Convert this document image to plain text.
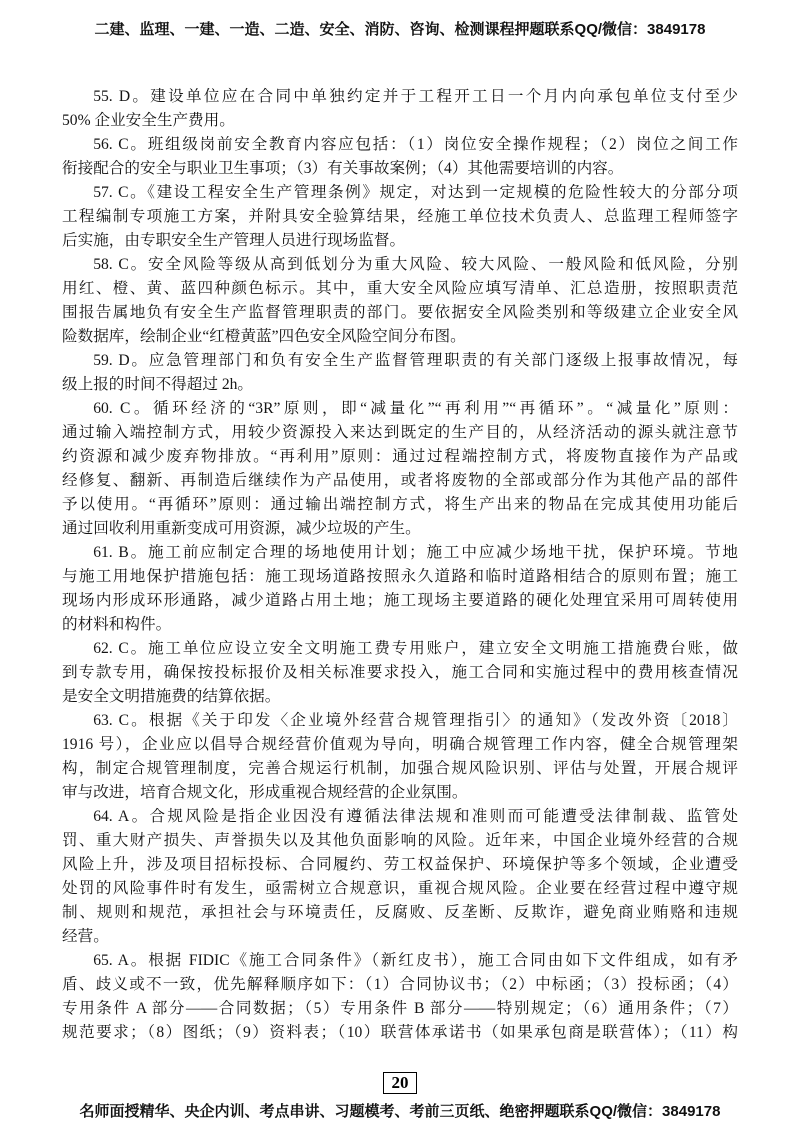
二建、监理、一建、一造、二造、安全、消防、咨询、检测课程押题联系QQ/微信：3849178
55. D。建设单位应在合同中单独约定并于工程开工日一个月内向承包单位支付至少
50% 企业安全生产费用。
56. C。班组级岗前安全教育内容应包括：（1）岗位安全操作规程；（2）岗位之间工作
衔接配合的安全与职业卫生事项；（3）有关事故案例；（4）其他需要培训的内容。
57. C。《建设工程安全生产管理条例》规定，对达到一定规模的危险性较大的分部分项
工程编制专项施工方案，并附具安全验算结果，经施工单位技术负责人、总监理工程师签字
后实施，由专职安全生产管理人员进行现场监督。
58. C。安全风险等级从高到低划分为重大风险、较大风险、一般风险和低风险，分别
用红、橙、黄、蓝四种颜色标示。其中，重大安全风险应填写清单、汇总造册，按照职责范
围报告属地负有安全生产监督管理职责的部门。要依据安全风险类别和等级建立企业安全风
险数据库，绘制企业“红橙黄蓝”四色安全风险空间分布图。
59. D。应急管理部门和负有安全生产监督管理职责的有关部门逐级上报事故情况，每
级上报的时间不得超过 2h。
60. C。循环经济的“3R”原则，即“减量化”“再利用”“再循环”。“减量化”原则：
通过输入端控制方式，用较少资源投入来达到既定的生产目的，从经济活动的源头就注意节
约资源和减少废弃物排放。“再利用”原则：通过过程端控制方式，将废物直接作为产品或
经修复、翻新、再制造后继续作为产品使用，或者将废物的全部或部分作为其他产品的部件
予以使用。“再循环”原则：通过输出端控制方式，将生产出来的物品在完成其使用功能后
通过回收利用重新变成可用资源，减少垃圾的产生。
61. B。施工前应制定合理的场地使用计划；施工中应减少场地干扰，保护环境。节地
与施工用地保护措施包括：施工现场道路按照永久道路和临时道路相结合的原则布置；施工
现场内形成环形通路，减少道路占用土地；施工现场主要道路的硬化处理宜采用可周转使用
的材料和构件。
62. C。施工单位应设立安全文明施工费专用账户，建立安全文明施工措施费台账，做
到专款专用，确保按投标报价及相关标准要求投入，施工合同和实施过程中的费用核查情况
是安全文明措施费的结算依据。
63. C。根据《关于印发〈企业境外经营合规管理指引〉的通知》（发改外资〔2018〕
1916 号），企业应以倡导合规经营价值观为导向，明确合规管理工作内容，健全合规管理架
构，制定合规管理制度，完善合规运行机制，加强合规风险识别、评估与处置，开展合规评
审与改进，培育合规文化，形成重视合规经营的企业氛围。
64. A。合规风险是指企业因没有遵循法律法规和准则而可能遭受法律制裁、监管处
罚、重大财产损失、声誉损失以及其他负面影响的风险。近年来，中国企业境外经营的合规
风险上升，涉及项目招标投标、合同履约、劳工权益保护、环境保护等多个领域，企业遭受
处罚的风险事件时有发生，亟需树立合规意识，重视合规风险。企业要在经营过程中遵守规
制、规则和规范，承担社会与环境责任，反腐败、反垄断、反欺诈，避免商业贿赂和违规
经营。
65. A。根据 FIDIC《施工合同条件》（新红皮书），施工合同由如下文件组成，如有矛
盾、歧义或不一致，优先解释顺序如下：（1）合同协议书；（2）中标函；（3）投标函；（4）
专用条件 A 部分——合同数据；（5）专用条件 B 部分——特别规定；（6）通用条件；（7）
规范要求；（8）图纸；（9）资料表；（10）联营体承诺书（如果承包商是联营体）；（11）构
20
名师面授精华、央企内训、考点串讲、习题模考、考前三页纸、绝密押题联系QQ/微信：3849178
